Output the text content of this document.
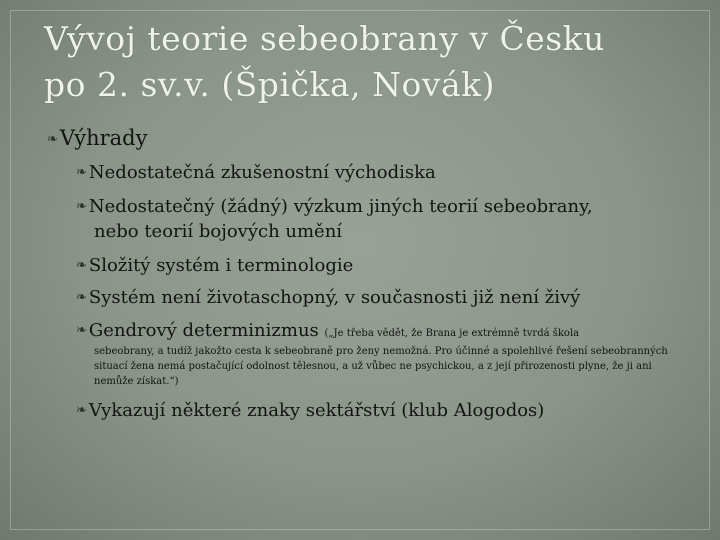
Vývoj teorie sebeobrany v Česku
po 2. sv.v. (Špička, Novák)
❧Výhrady
❧ Nedostatečná zkušenostní východiska
❧ Nedostatečný (žádný) výzkum jiných teorií sebeobrany,
nebo teorií bojových umění
❧ Složitý systém i terminologie
❧ Systém není životaschopný, v současnosti již není živý
❧ Gendrový determinizmus („Je třeba vědět, že Brana je extrémně tvrdá škola
sebeobrany, a tudíž jakožto cesta k sebeobraně pro ženy nemožná. Pro účinné a spolehlivé řešení sebeobranných situací žena nemá postačující odolnost tělesnou, a už vůbec ne psychickou, a z její přirozenosti plyne, že ji ani nemůže získat.“)
❧ Vykazují některé znaky sektářství (klub Alogodos)
